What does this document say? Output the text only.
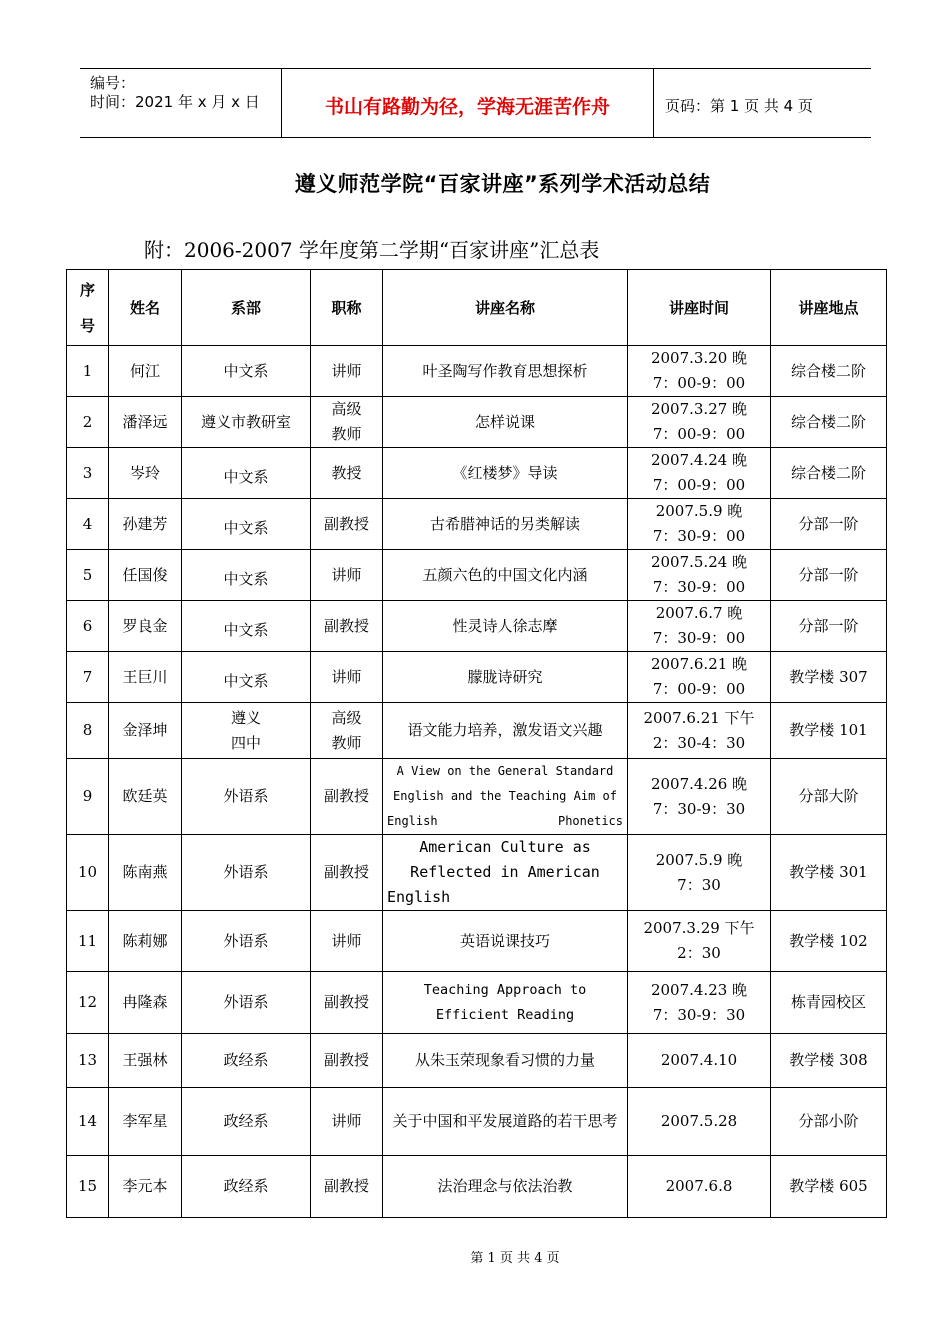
编号：
时间：2021 年 x 月 x 日	书山有路勤为径，学海无涯苦作舟	页码：第 1 页 共 4 页
遵义师范学院“百家讲座”系列学术活动总结
附：2006-2007 学年度第二学期“百家讲座”汇总表
序
号	姓名	系部	职称	讲座名称	讲座时间	讲座地点
1	何江	中文系	讲师	叶圣陶写作教育思想探析	2007.3.20 晚
7：00-9：00	综合楼二阶
2	潘泽远	遵义市教研室	高级
教师	怎样说课	2007.3.27 晚
7：00-9：00	综合楼二阶
3	岑玲	中文系	教授	《红楼梦》导读	2007.4.24 晚
7：00-9：00	综合楼二阶
4	孙建芳	中文系	副教授	古希腊神话的另类解读	2007.5.9 晚
7：30-9：00	分部一阶
5	任国俊	中文系	讲师	五颜六色的中国文化内涵	2007.5.24 晚
7：30-9：00	分部一阶
6	罗良金	中文系	副教授	性灵诗人徐志摩	2007.6.7 晚
7：30-9：00	分部一阶
7	王巨川	中文系	讲师	朦胧诗研究	2007.6.21 晚
7：00-9：00	教学楼 307
8	金泽坤	遵义
四中	高级
教师	语文能力培养，激发语文兴趣	2007.6.21 下午
2：30-4：30	教学楼 101
9	欧廷英	外语系	副教授	A View on the General Standard English and the Teaching Aim of English Phonetics	2007.4.26 晚
7：30-9：30	分部大阶
10	陈南燕	外语系	副教授	American Culture as Reflected in American English	2007.5.9 晚
7：30	教学楼 301
11	陈莉娜	外语系	讲师	英语说课技巧	2007.3.29 下午
2：30	教学楼 102
12	冉隆森	外语系	副教授	Teaching Approach to Efficient Reading	2007.4.23 晚
7：30-9：30	栋青园校区
13	王强林	政经系	副教授	从朱玉荣现象看习惯的力量	2007.4.10	教学楼 308
14	李军星	政经系	讲师	关于中国和平发展道路的若干思考	2007.5.28	分部小阶
15	李元本	政经系	副教授	法治理念与依法治教	2007.6.8	教学楼 605
第 1 页 共 4 页
